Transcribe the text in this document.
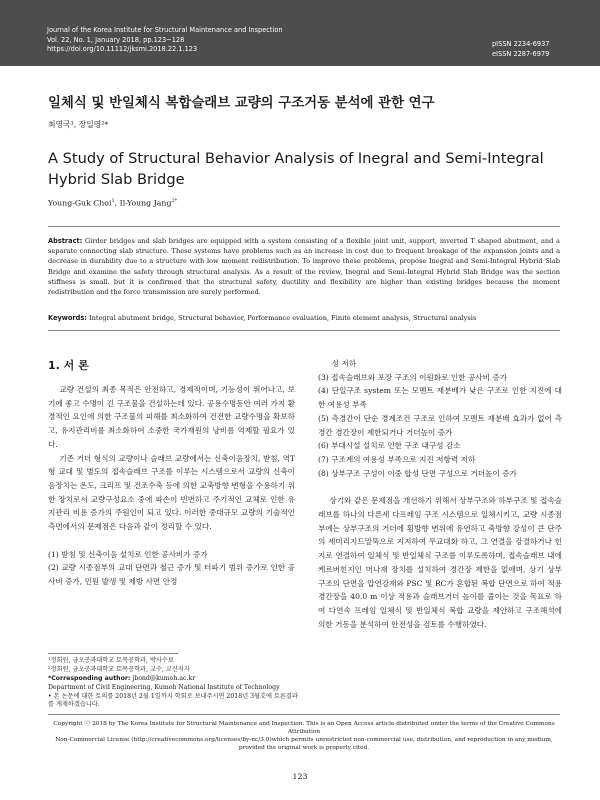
Journal of the Korea Institute for Structural Maintenance and Inspection
Vol. 22, No. 1, January 2018, pp.123~128
https://doi.org/10.11112/jksmi.2018.22.1.123
pISSN 2234-6937
eISSN 2287-6979
일체식 및 반일체식 복합슬래브 교량의 구조거동 분석에 관한 연구
최영국¹, 장일영²*
A Study of Structural Behavior Analysis of Inegral and Semi-Integral Hybrid Slab Bridge
Young-Guk Choi$^1$, Il-Young Jang$^{2*}$
Abstract: Girder bridges and slab bridges are equipped with a system consisting of a flexible joint unit, support, inverted T shaped abutment, and a separate connecting slab structure. These systems have problems such as an increase in cost due to frequent breakage of the expansion joints and a decrease in durability due to a structure with low moment redistribution. To improve these problems, propose Inegral and Semi-Integral Hybrid Slab Bridge and examine the safety through structural analysis. As a result of the review, Inegral and Semi-Integral Hybrid Slab Bridge was the section stiffness is small. but it is confirmed that the structural safety, ductility and flexibility are higher than existing bridges because the moment redistribution and the force transmission are surely performed.
Keywords: Integral abutment bridge, Structural behavior, Performance evaluation, Finite element analysis, Structural analysis
1. 서 론

교량 건설의 최종 목적은 안전하고, 경제적이며, 기능성이 뛰어나고, 보기에 좋고 수명이 긴 구조물을 건설하는데 있다. 공용수명동안 여러 가지 환경적인 요인에 의한 구조물의 피해를 최소화하여 건전한 교량수명을 확보하고, 유지관리비를 최소화하여 소중한 국가재원의 낭비를 억제할 필요가 있다.

기존 거더 형식의 교량이나 슬래브 교량에서는 신축이음장치, 받침, 역T형 교대 및 별도의 접속슬래브 구조를 이루는 시스템으로서 교량의 신축이음장치는 온도, 크리프 및 건조수축 등에 의한 교축방향 변형을 수용하기 위한 장치로서 교량구성요소 중에 파손이 빈번하고 주기적인 교체로 인한 유지관리 비용 증가의 주원인이 되고 있다. 이러한 중대규모 교량의 기술적인 측면에서의 문제점은 다음과 같이 정리할 수 있다.

(1) 받침 및 신축이음 설치로 인한 공사비가 증가

(2) 교량 시종점부의 교대 단면과 철근 증가 및 터파기 범위 증가로 인한 공사비 증가, 민원 발생 및 제방 사면 안정

성 저하

(3) 접속슬래브와 포장 구조의 이원화로 인한 공사비 증가

(4) 단일구조 system 또는 모멘트 재분배가 낮은 구조로 인한 지진에 대한 여용성 부족

(5) 측경간이 단순 경계조건 구조로 인하여 모멘트 재분배 효과가 없어 측경간 경간장이 제한되거나 거더높이 증가

(6) 부대시설 설치로 인한 구조 내구성 감소

(7) 구조계의 여용성 부족으로 지진 저항력 저하

(8) 상부구조 구성이 이중 합성 단면 구성으로 거더높이 증가

상기와 같은 문제점을 개선하기 위해서 상부구조와 하부구조 및 접속슬래브를 하나의 다른세 다프레임 구조 시스템으로 일체시키고, 교량 시종점부에는 상부구조의 거더에 횡방향 변위에 유연하고 축방향 강성이 큰 단주의 세미리지드말뚝으로 지지하여 무교대화 하고, 그 연결을 강결하거나 힌지로 연결하여 일체식 및 반일체식 구조를 이루도록하며, 접속슬래브 내에 케르버힌지인 머나재 장치를 설치하여 경간장 제한을 없애며, 상기 상부 구조의 단면을 압연강재와 PSC 및 RC가 혼합된 복합 단면으로 하여 적용 경간장을 40.0 m 이상 적용과 슬래브거더 높이를 줄이는 것을 목표로 하여 다연속 프레임 일체식 및 반일체식 복합 교량을 제안하고 구조해석에 의한 거동을 분석하여 안전성을 검토를 수행하였다.

¹정회원, 금오공과대학교 토목공학과, 박사수료
²정회원, 금오공과대학교 토목공학과, 교수, 교신저자
*Corresponding author: jbond@kumoh.ac.kr
Department of Civil Engineering, Kumoh National Institute of Technology
• 본 논문에 대한 토의를 2018년 2월 1일까지 학회로 보내주시면 2018년 3월호에 토론결과를 게재하겠습니다.
Copyright ⓒ 2018 by The Korea Institute for Structural Maintenance and Inspection. This is an Open Access article distributed under the terms of the Creative Commons Attribution
Non-Commercial License (http://creativecommons.org/licenses/by-nc/3.0)which permits unrestricted non-commercial use, distribution, and reproduction in any medium,
provided the original work is properly cited.
123
